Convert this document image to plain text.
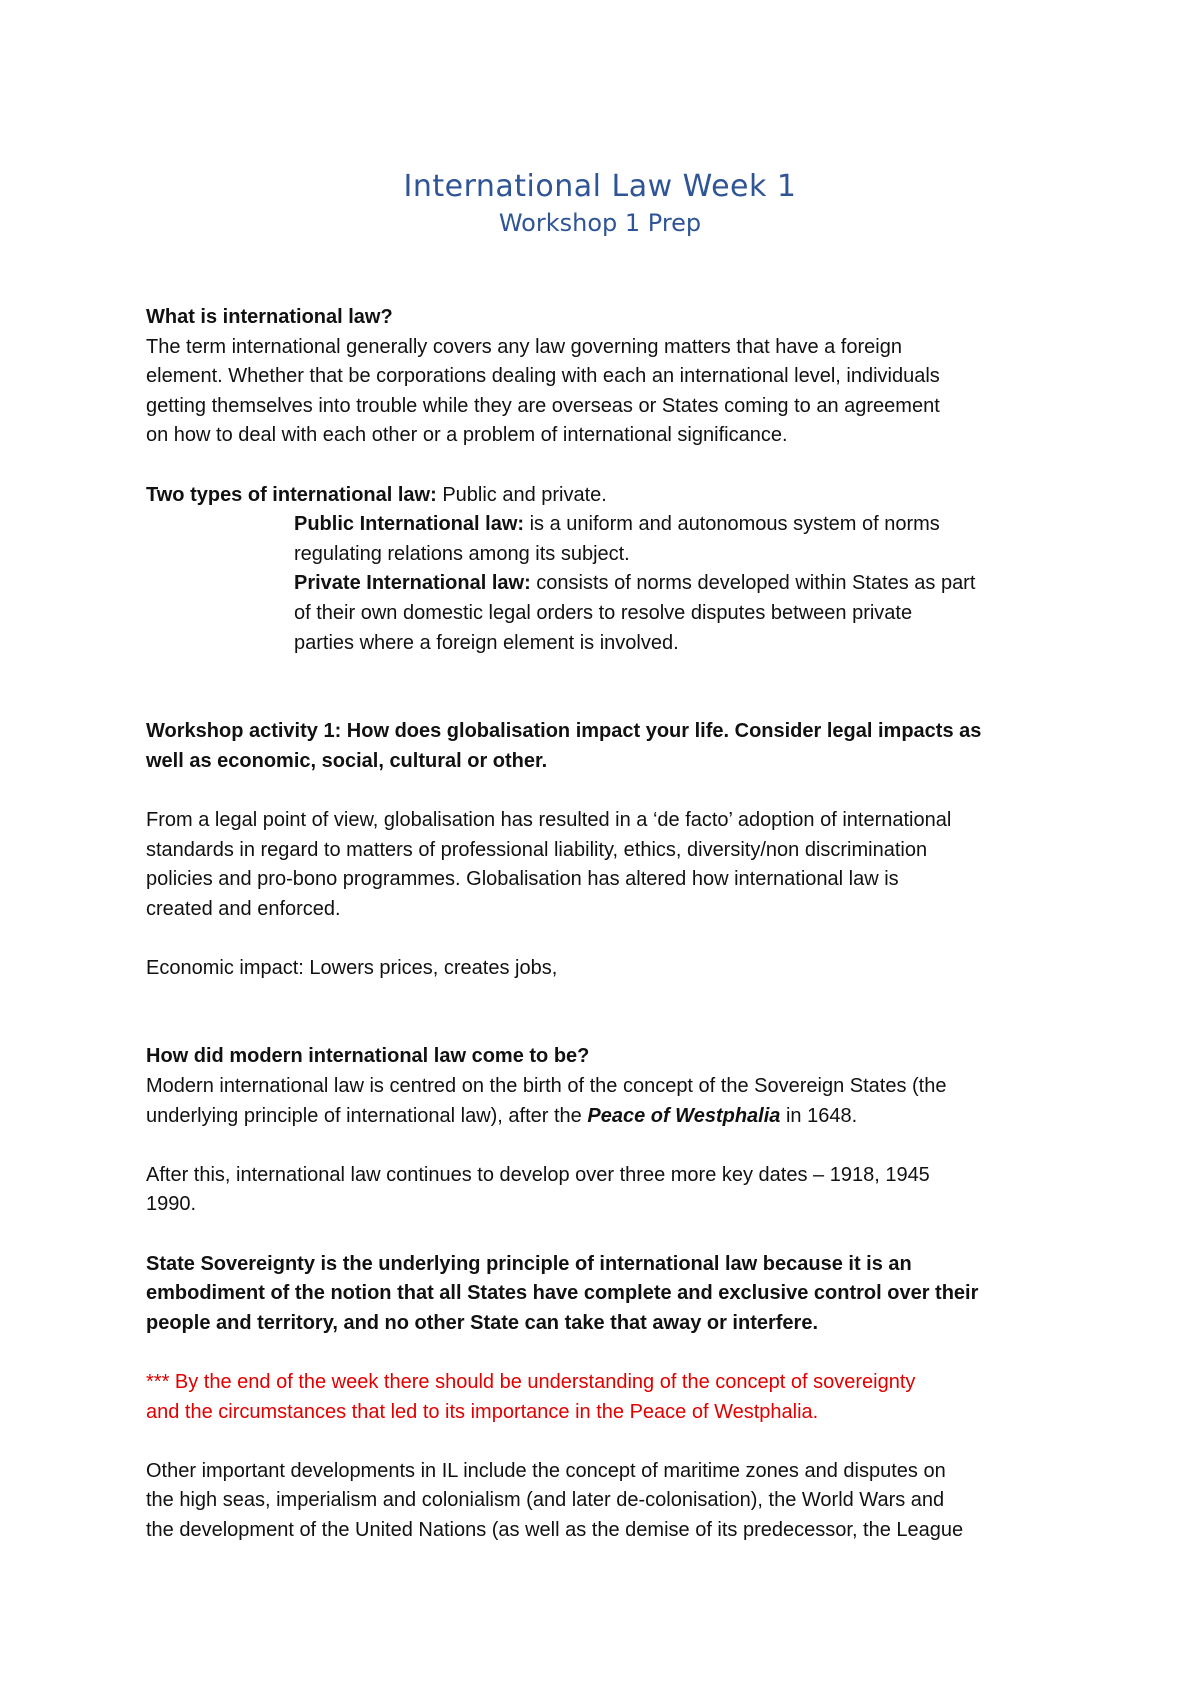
International Law Week 1
Workshop 1 Prep

What is international law?

The term international generally covers any law governing matters that have a foreign

element. Whether that be corporations dealing with each an international level, individuals

getting themselves into trouble while they are overseas or States coming to an agreement

on how to deal with each other or a problem of international significance.

Two types of international law: Public and private.

Public International law: is a uniform and autonomous system of norms

regulating relations among its subject.

Private International law: consists of norms developed within States as part

of their own domestic legal orders to resolve disputes between private

parties where a foreign element is involved.

Workshop activity 1: How does globalisation impact your life. Consider legal impacts as

well as economic, social, cultural or other.

From a legal point of view, globalisation has resulted in a ‘de facto’ adoption of international

standards in regard to matters of professional liability, ethics, diversity/non discrimination

policies and pro-bono programmes. Globalisation has altered how international law is

created and enforced.

Economic impact: Lowers prices, creates jobs,

How did modern international law come to be?

Modern international law is centred on the birth of the concept of the Sovereign States (the

underlying principle of international law), after the Peace of Westphalia in 1648.

After this, international law continues to develop over three more key dates – 1918, 1945

1990.

State Sovereignty is the underlying principle of international law because it is an

embodiment of the notion that all States have complete and exclusive control over their

people and territory, and no other State can take that away or interfere.

*** By the end of the week there should be understanding of the concept of sovereignty

and the circumstances that led to its importance in the Peace of Westphalia.

Other important developments in IL include the concept of maritime zones and disputes on

the high seas, imperialism and colonialism (and later de-colonisation), the World Wars and

the development of the United Nations (as well as the demise of its predecessor, the League
